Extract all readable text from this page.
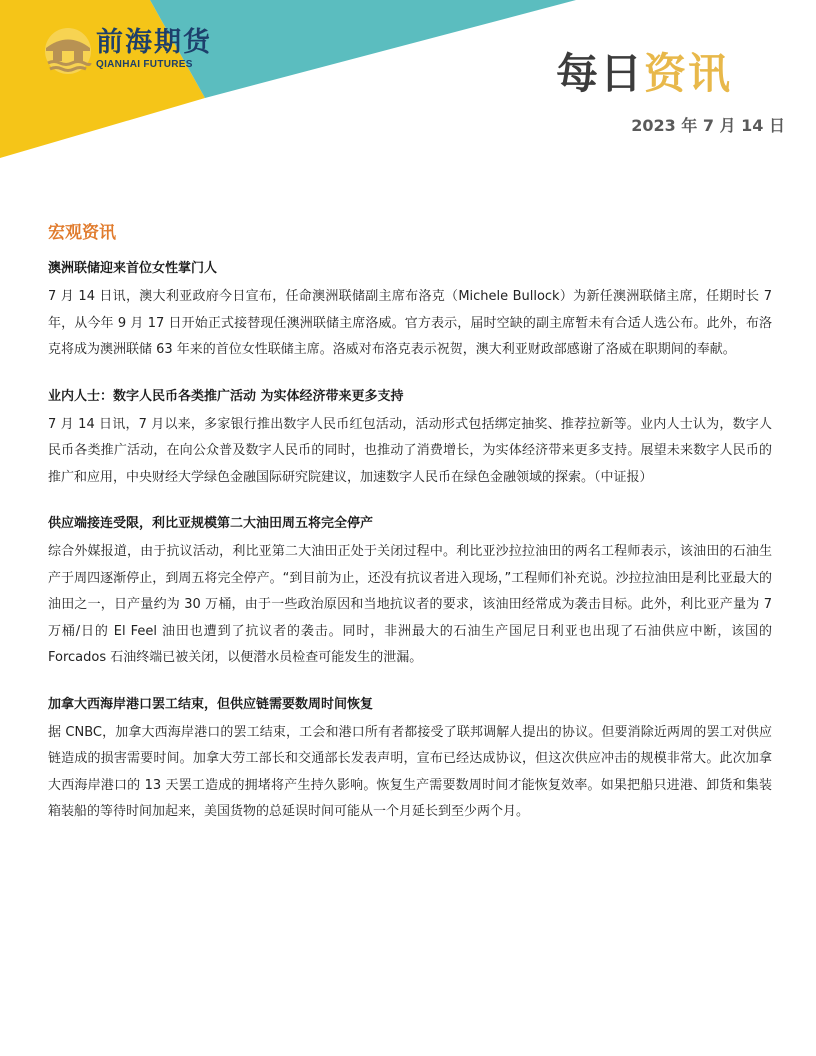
前海期货
QIANHAI FUTURES	每日资讯
2023 年 7 月 14 日
宏观资讯

澳洲联储迎来首位女性掌门人

7 月 14 日讯，澳大利亚政府今日宣布，任命澳洲联储副主席布洛克（Michele Bullock）为新任澳洲联储主席，任期时长 7 年，从今年 9 月 17 日开始正式接替现任澳洲联储主席洛威。官方表示，届时空缺的副主席暂未有合适人选公布。此外，布洛克将成为澳洲联储 63 年来的首位女性联储主席。洛威对布洛克表示祝贺，澳大利亚财政部感谢了洛威在职期间的奉献。

业内人士：数字人民币各类推广活动 为实体经济带来更多支持

7 月 14 日讯，7 月以来，多家银行推出数字人民币红包活动，活动形式包括绑定抽奖、推荐拉新等。业内人士认为，数字人民币各类推广活动，在向公众普及数字人民币的同时，也推动了消费增长，为实体经济带来更多支持。展望未来数字人民币的推广和应用，中央财经大学绿色金融国际研究院建议，加速数字人民币在绿色金融领域的探索。（中证报）

供应端接连受限，利比亚规模第二大油田周五将完全停产

综合外媒报道，由于抗议活动，利比亚第二大油田正处于关闭过程中。利比亚沙拉拉油田的两名工程师表示，该油田的石油生产于周四逐渐停止，到周五将完全停产。“到目前为止，还没有抗议者进入现场，”工程师们补充说。沙拉拉油田是利比亚最大的油田之一，日产量约为 30 万桶，由于一些政治原因和当地抗议者的要求，该油田经常成为袭击目标。此外，利比亚产量为 7 万桶/日的 El Feel 油田也遭到了抗议者的袭击。同时，非洲最大的石油生产国尼日利亚也出现了石油供应中断，该国的 Forcados 石油终端已被关闭，以便潜水员检查可能发生的泄漏。

加拿大西海岸港口罢工结束，但供应链需要数周时间恢复

据 CNBC，加拿大西海岸港口的罢工结束，工会和港口所有者都接受了联邦调解人提出的协议。但要消除近两周的罢工对供应链造成的损害需要时间。加拿大劳工部长和交通部长发表声明，宣布已经达成协议，但这次供应冲击的规模非常大。此次加拿大西海岸港口的 13 天罢工造成的拥堵将产生持久影响。恢复生产需要数周时间才能恢复效率。如果把船只进港、卸货和集装箱装船的等待时间加起来，美国货物的总延误时间可能从一个月延长到至少两个月。
